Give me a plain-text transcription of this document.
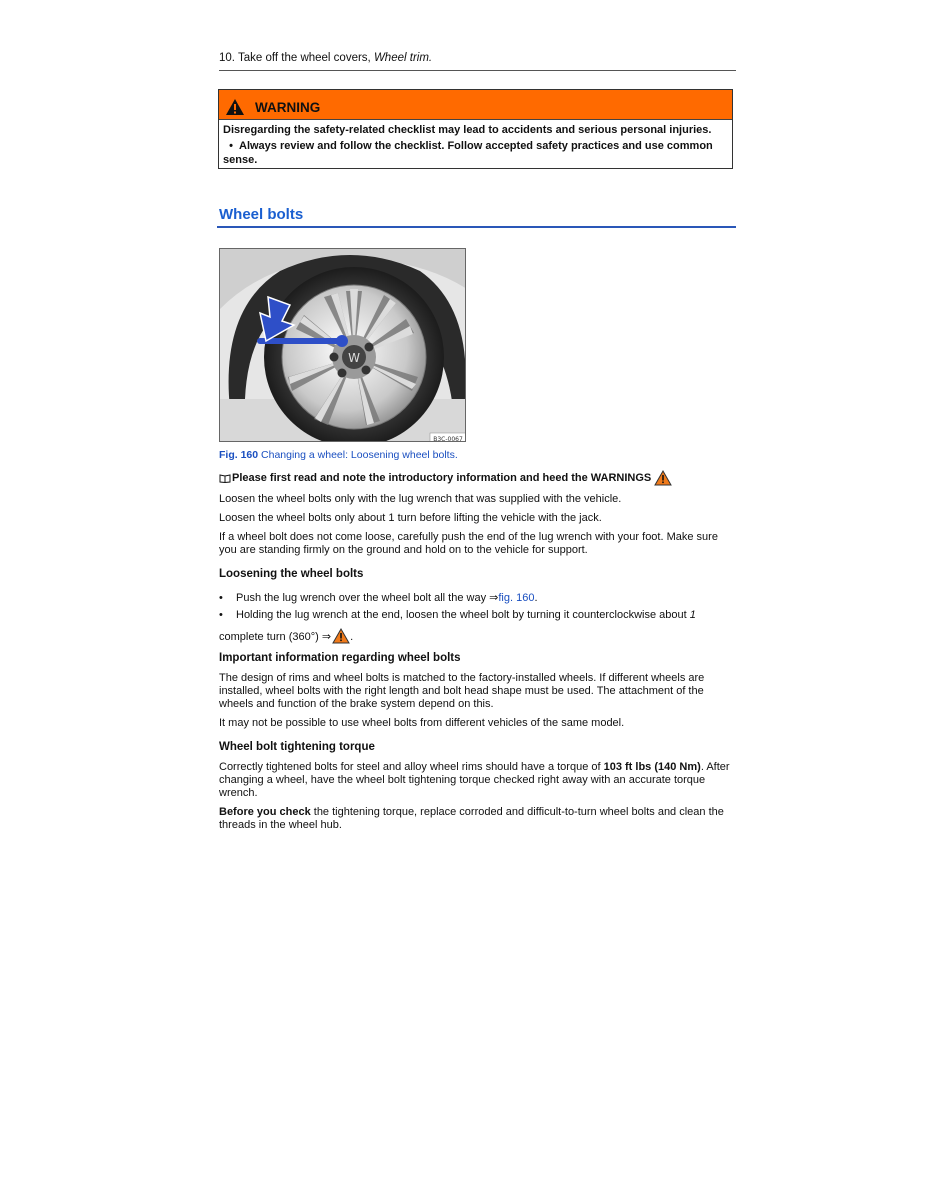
10. Take off the wheel covers, Wheel trim.
WARNING

Disregarding the safety-related checklist may lead to accidents and serious personal injuries.

• Always review and follow the checklist. Follow accepted safety practices and use common sense.

Wheel bolts
W
B3C-0067
Fig. 160 Changing a wheel: Loosening wheel bolts.

Please first read and note the introductory information and heed the WARNINGS

Loosen the wheel bolts only with the lug wrench that was supplied with the vehicle.
Loosen the wheel bolts only about 1 turn before lifting the vehicle with the jack.
If a wheel bolt does not come loose, carefully push the end of the lug wrench with your foot. Make sure you are standing firmly on the ground and hold on to the vehicle for support.
Loosening the wheel bolts
•	Push the lug wrench over the wheel bolt all the way ⇒fig. 160.
•	Holding the lug wrench at the end, loosen the wheel bolt by turning it counterclockwise about 1
complete turn (360°) ⇒ .
Important information regarding wheel bolts
The design of rims and wheel bolts is matched to the factory-installed wheels. If different wheels are installed, wheel bolts with the right length and bolt head shape must be used. The attachment of the wheels and function of the brake system depend on this.
It may not be possible to use wheel bolts from different vehicles of the same model.
Wheel bolt tightening torque
Correctly tightened bolts for steel and alloy wheel rims should have a torque of 103 ft lbs (140 Nm). After changing a wheel, have the wheel bolt tightening torque checked right away with an accurate torque wrench.
Before you check the tightening torque, replace corroded and difficult-to-turn wheel bolts and clean the threads in the wheel hub.
